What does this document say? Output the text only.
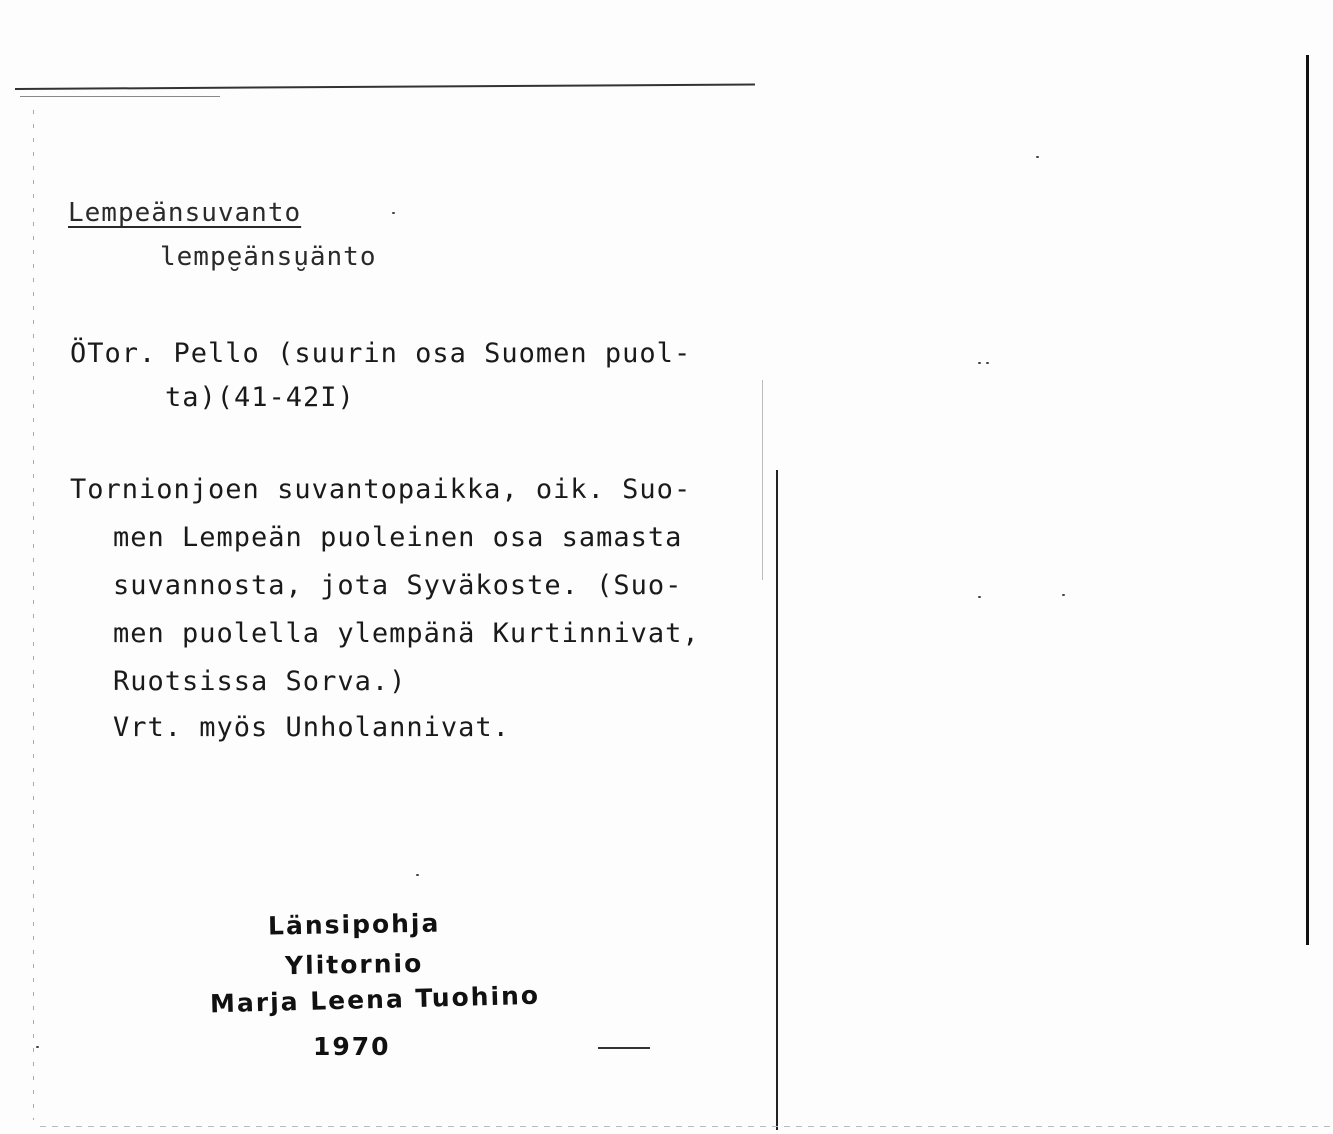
Lempeänsuvanto
lempe̮änsu̮änto
ÖTor. Pello (suurin osa Suomen puol-
ta)(41-42I)
Tornionjoen suvantopaikka, oik. Suo-
men Lempeän puoleinen osa samasta
suvannosta, jota Syväkoste. (Suo-
men puolella ylempänä Kurtinnivat,
Ruotsissa Sorva.)
Vrt. myös Unholannivat.
Länsipohja
Ylitornio
Marja Leena Tuohino
1970
